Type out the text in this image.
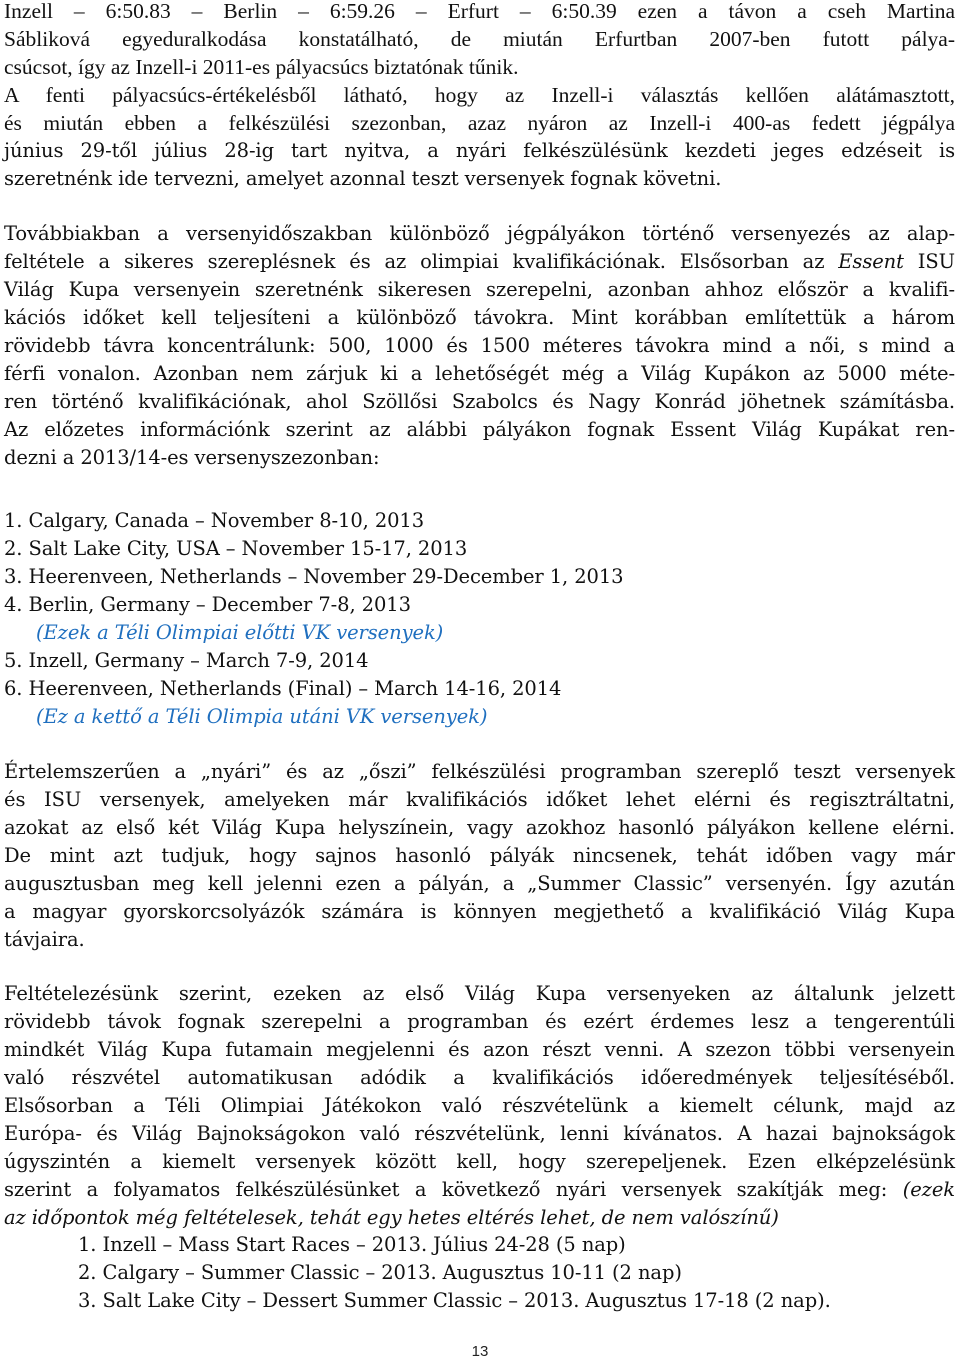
Inzell – 6:50.83 – Berlin – 6:59.26 – Erfurt – 6:50.39 ezen a távon a cseh Martina

Sábliková egyeduralkodása konstatálható, de miután Erfurtban 2007-ben futott pálya-

csúcsot, így az Inzell-i 2011-es pályacsúcs biztatónak tűnik.

A fenti pályacsúcs-értékelésből látható, hogy az Inzell-i választás kellően alátámasztott,

és miután ebben a felkészülési szezonban, azaz nyáron az Inzell-i 400-as fedett jégpálya

június 29-től július 28-ig tart nyitva, a nyári felkészülésünk kezdeti jeges edzéseit is

szeretnénk ide tervezni, amelyet azonnal teszt versenyek fognak követni.

Továbbiakban a versenyidőszakban különböző jégpályákon történő versenyezés az alap-

feltétele a sikeres szereplésnek és az olimpiai kvalifikációnak. Elsősorban az Essent ISU

Világ Kupa versenyein szeretnénk sikeresen szerepelni, azonban ahhoz először a kvalifi-

kációs időket kell teljesíteni a különböző távokra. Mint korábban említettük a három

rövidebb távra koncentrálunk: 500, 1000 és 1500 méteres távokra mind a női, s mind a

férfi vonalon. Azonban nem zárjuk ki a lehetőségét még a Világ Kupákon az 5000 méte-

ren történő kvalifikációnak, ahol Szöllősi Szabolcs és Nagy Konrád jöhetnek számításba.

Az előzetes információnk szerint az alábbi pályákon fognak Essent Világ Kupákat ren-

dezni a 2013/14-es versenyszezonban:

1. Calgary, Canada – November 8-10, 2013

2. Salt Lake City, USA – November 15-17, 2013

3. Heerenveen, Netherlands – November 29-December 1, 2013

4. Berlin, Germany – December 7-8, 2013

(Ezek a Téli Olimpiai előtti VK versenyek)

5. Inzell, Germany – March 7-9, 2014

6. Heerenveen, Netherlands (Final) – March 14-16, 2014

(Ez a kettő a Téli Olimpia utáni VK versenyek)

Értelemszerűen a „nyári” és az „őszi” felkészülési programban szereplő teszt versenyek

és ISU versenyek, amelyeken már kvalifikációs időket lehet elérni és regisztráltatni,

azokat az első két Világ Kupa helyszínein, vagy azokhoz hasonló pályákon kellene elérni.

De mint azt tudjuk, hogy sajnos hasonló pályák nincsenek, tehát időben vagy már

augusztusban meg kell jelenni ezen a pályán, a „Summer Classic” versenyén. Így azután

a magyar gyorskorcsolyázók számára is könnyen megjethető a kvalifikáció Világ Kupa

távjaira.

Feltételezésünk szerint, ezeken az első Világ Kupa versenyeken az általunk jelzett

rövidebb távok fognak szerepelni a programban és ezért érdemes lesz a tengerentúli

mindkét Világ Kupa futamain megjelenni és azon részt venni. A szezon többi versenyein

való részvétel automatikusan adódik a kvalifikációs időeredmények teljesítéséből.

Elsősorban a Téli Olimpiai Játékokon való részvételünk a kiemelt célunk, majd az

Európa- és Világ Bajnokságokon való részvételünk, lenni kívánatos. A hazai bajnokságok

úgyszintén a kiemelt versenyek között kell, hogy szerepeljenek. Ezen elképzelésünk

szerint a folyamatos felkészülésünket a következő nyári versenyek szakítják meg: (ezek

az időpontok még feltételesek, tehát egy hetes eltérés lehet, de nem valószínű)

1. Inzell – Mass Start Races – 2013. Július 24-28 (5 nap)

2. Calgary – Summer Classic – 2013. Augusztus 10-11 (2 nap)

3. Salt Lake City – Dessert Summer Classic – 2013. Augusztus 17-18 (2 nap).

13
